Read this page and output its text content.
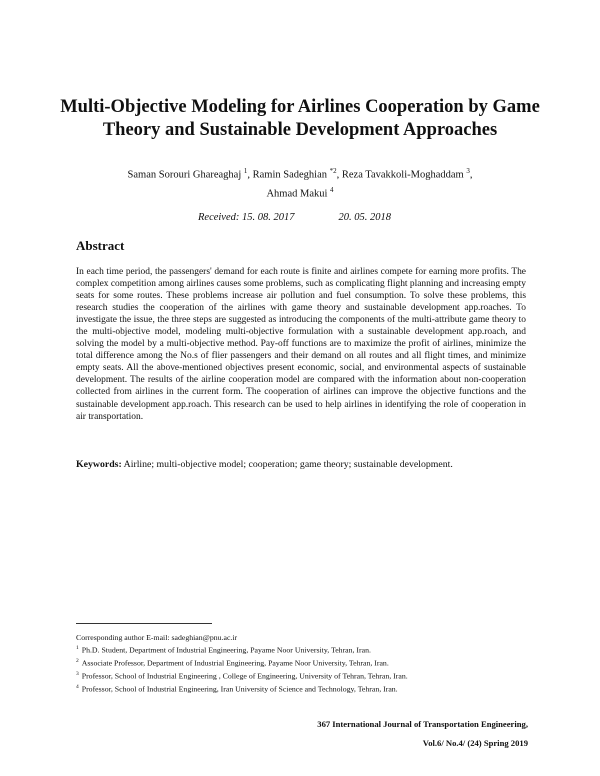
Multi-Objective Modeling for Airlines Cooperation by Game
Theory and Sustainable Development Approaches
Saman Sorouri Ghareaghaj $^1$, Ramin Sadeghian $^{*2}$, Reza Tavakkoli-Moghaddam $^3$,
Ahmad Makui $^4$
Received: 15. 08. 2017	20. 05. 2018
Abstract
In each time period, the passengers' demand for each route is finite and airlines compete for earning more profits. The complex competition among airlines causes some problems, such as complicating flight planning and increasing empty seats for some routes. These problems increase air pollution and fuel consumption. To solve these problems, this research studies the cooperation of the airlines with game theory and sustainable development app.roaches. To investigate the issue, the three steps are suggested as introducing the components of the multi-attribute game theory to the multi-objective model, modeling multi-objective formulation with a sustainable development app.roach, and solving the model by a multi-objective method. Pay-off functions are to maximize the profit of airlines, minimize the total difference among the No.s of flier passengers and their demand on all routes and all flight times, and minimize empty seats. All the above-mentioned objectives present economic, social, and environmental aspects of sustainable development. The results of the airline cooperation model are compared with the information about non-cooperation collected from airlines in the current form. The cooperation of airlines can improve the objective functions and the sustainable development app.roach. This research can be used to help airlines in identifying the role of cooperation in air transportation.
Keywords: Airline; multi-objective model; cooperation; game theory; sustainable development.
Corresponding author E-mail: sadeghian@pnu.ac.ir
$^1$ Ph.D. Student, Department of Industrial Engineering, Payame Noor University, Tehran, Iran.
$^2$ Associate Professor, Department of Industrial Engineering, Payame Noor University, Tehran, Iran.
$^3$ Professor, School of Industrial Engineering , College of Engineering, University of Tehran, Tehran, Iran.
$^4$ Professor, School of Industrial Engineering, Iran University of Science and Technology, Tehran, Iran.
367 International Journal of Transportation Engineering,
Vol.6/ No.4/ (24) Spring 2019
